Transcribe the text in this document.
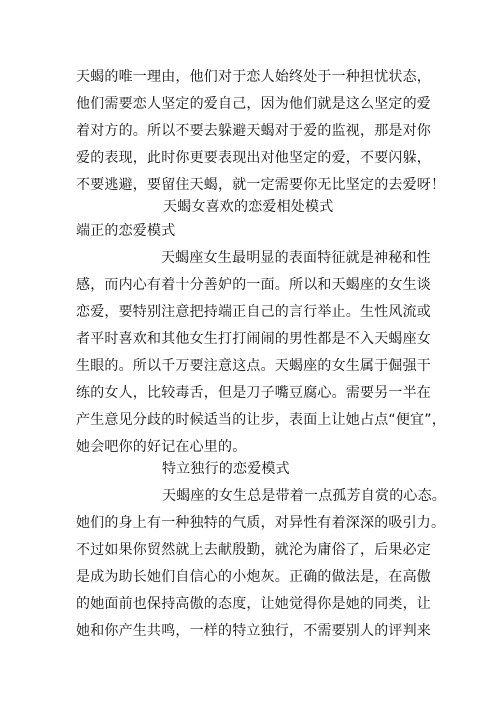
天蝎的唯一理由，他们对于恋人始终处于一种担忧状态，
他们需要恋人坚定的爱自己，因为他们就是这么坚定的爱
着对方的。所以不要去躲避天蝎对于爱的监视，那是对你
爱的表现，此时你更要表现出对他坚定的爱，不要闪躲，
不要逃避，要留住天蝎，就一定需要你无比坚定的去爱呀！
天蝎女喜欢的恋爱相处模式
端正的恋爱模式
天蝎座女生最明显的表面特征就是神秘和性
感，而内心有着十分善妒的一面。所以和天蝎座的女生谈
恋爱，要特别注意把持端正自己的言行举止。生性风流或
者平时喜欢和其他女生打打闹闹的男性都是不入天蝎座女
生眼的。所以千万要注意这点。天蝎座的女生属于倔强干
练的女人，比较毒舌，但是刀子嘴豆腐心。需要另一半在
产生意见分歧的时候适当的让步，表面上让她占点“便宜”，
她会吧你的好记在心里的。
特立独行的恋爱模式
天蝎座的女生总是带着一点孤芳自赏的心态。
她们的身上有一种独特的气质，对异性有着深深的吸引力。
不过如果你贸然就上去献殷勤，就沦为庸俗了，后果必定
是成为助长她们自信心的小炮灰。正确的做法是，在高傲
的她面前也保持高傲的态度，让她觉得你是她的同类，让
她和你产生共鸣，一样的特立独行，不需要别人的评判来
